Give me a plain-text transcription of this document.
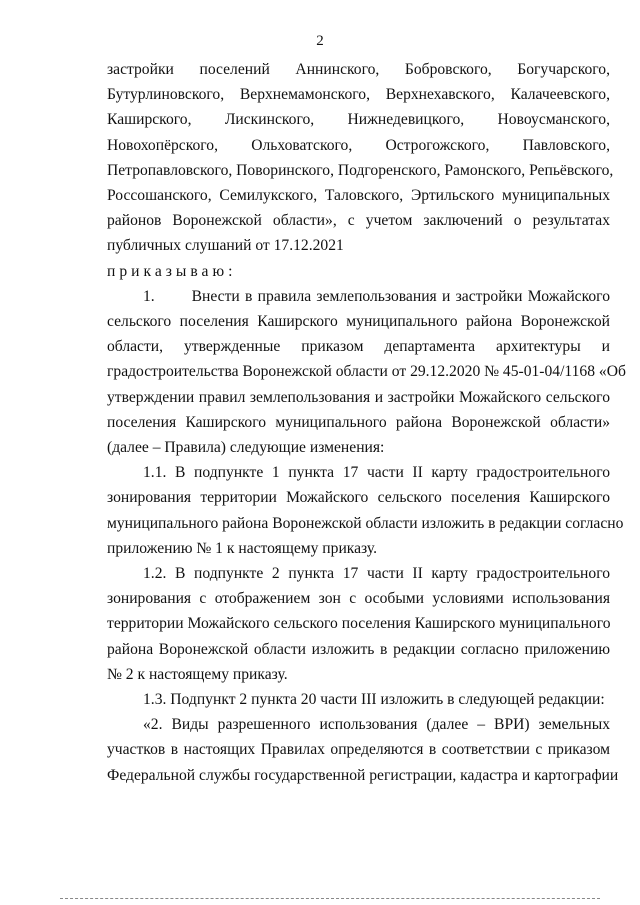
2
застройки поселений Аннинского, Бобровского, Богучарского,
Бутурлиновского, Верхнемамонского, Верхнехавского, Калачеевского,
Каширского, Лискинского, Нижнедевицкого, Новоусманского,
Новохопёрского, Ольховатского, Острогожского, Павловского,
Петропавловского, Поворинского, Подгоренского, Рамонского, Репьёвского,
Россошанского, Семилукского, Таловского, Эртильского муниципальных
районов Воронежской области», с учетом заключений о результатах
публичных слушаний от 17.12.2021
приказываю:
1.       Внести в правила землепользования и застройки Можайского
сельского поселения Каширского муниципального района Воронежской
области, утвержденные приказом департамента архитектуры и
градостроительства Воронежской области от 29.12.2020 № 45-01-04/1168 «Об
утверждении правил землепользования и застройки Можайского сельского
поселения Каширского муниципального района Воронежской области»
(далее – Правила) следующие изменения:
1.1. В подпункте 1 пункта 17 части II карту градостроительного
зонирования территории Можайского сельского поселения Каширского
муниципального района Воронежской области изложить в редакции согласно
приложению № 1 к настоящему приказу.
1.2. В подпункте 2 пункта 17 части II карту градостроительного
зонирования с отображением зон с особыми условиями использования
территории Можайского сельского поселения Каширского муниципального
района Воронежской области изложить в редакции согласно приложению
№ 2 к настоящему приказу.
1.3. Подпункт 2 пункта 20 части III изложить в следующей редакции:
«2. Виды разрешенного использования (далее – ВРИ) земельных
участков в настоящих Правилах определяются в соответствии с приказом
Федеральной службы государственной регистрации, кадастра и картографии
